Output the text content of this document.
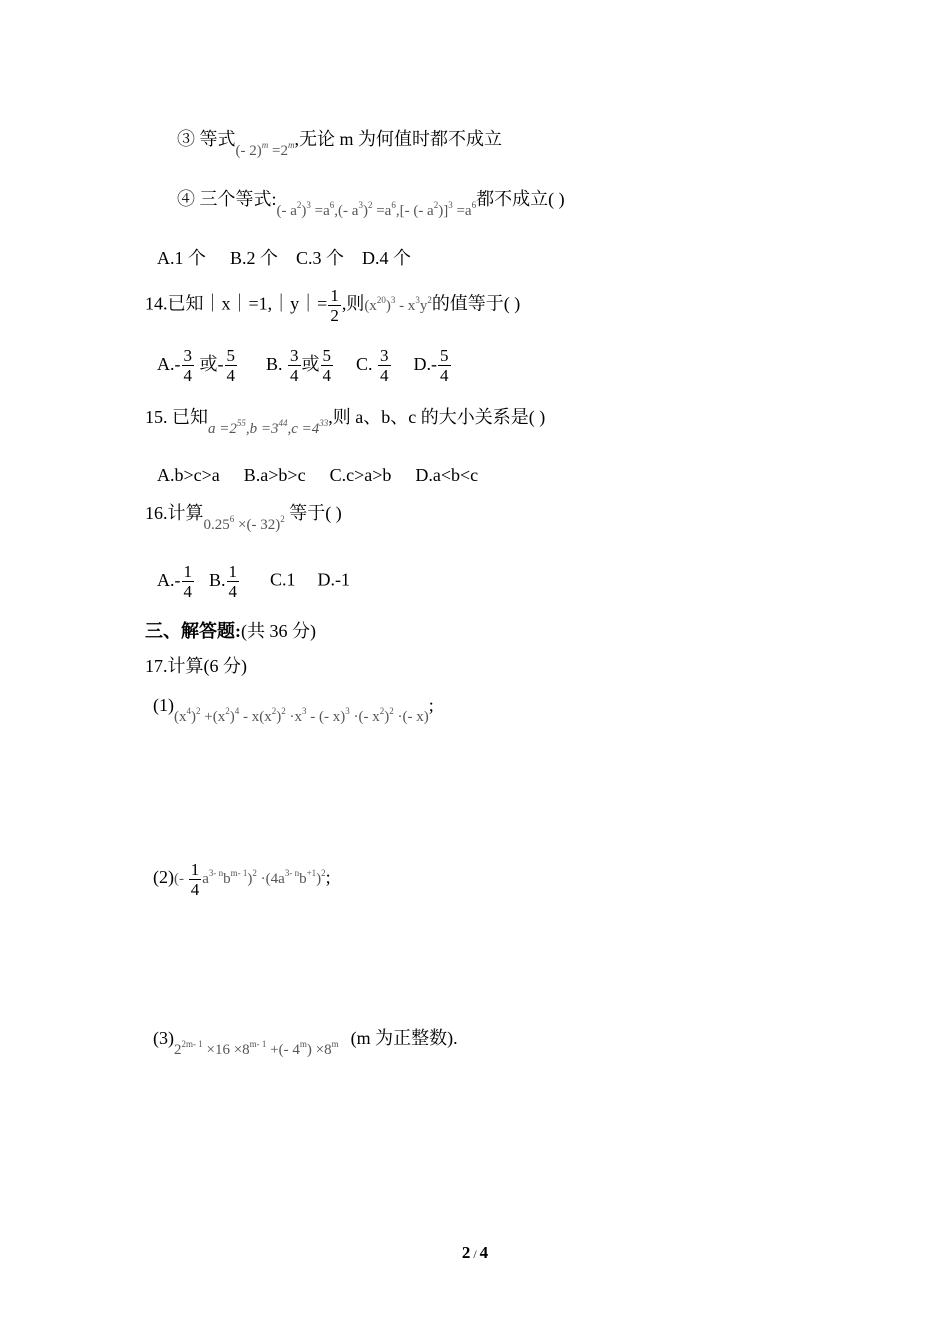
③ 等式$_{(- 2)^m =2^m}$,无论 m 为何值时都不成立
④ 三个等式$:_{(- a^2)^3 =a^6,(- a^3)^2 =a^6,[- (- a^2)]^3 =a^6}$都不成立( )
A.1 个 B.2 个 C.3 个 D.4 个
14.已知｜x｜=1,｜y｜= $\frac{1}{2}$ ,则$(x^{20})^3 - x^3y^2$的值等于( )
$A.- \frac{3}{4}$ 或- $\frac{5}{4} B$. $\frac{3}{4}$ 或 $\frac{5}{4} C$. $\frac{3}{4} D.- \frac{5}{4}$
15. 已知$_{a =2^{55},b =3^{44},c =4^{33}}$,则 a、b、c 的大小关系是( )
A.b>c>a B.a>b>c C.c>a>b D.a<b<c
16.计算$_{0.25^6 \times(- 32)^2}$ 等于( )
$A.- \frac{1}{4} B$. $\frac{1}{4} C.1$ D.-1
三、解答题:(共 36 分)
17.计算(6 分)
$(1)_{(x^4)^2 +(x^2)^4 - x(x^2)^2 \cdot x^3 - (- x)^3 \cdot(- x^2)^2 \cdot(- x)}$;
$(2)(- \frac{1}{4} a^{3- n}b^{m- 1})^2 \cdot(4a^{3- n}b^{+1})^2$;
$(3)_{2^{2m- 1} \times 16 \times 8^{m- 1} +(- 4^m) \times 8^m}$ (m 为正整数).
2 / 4
